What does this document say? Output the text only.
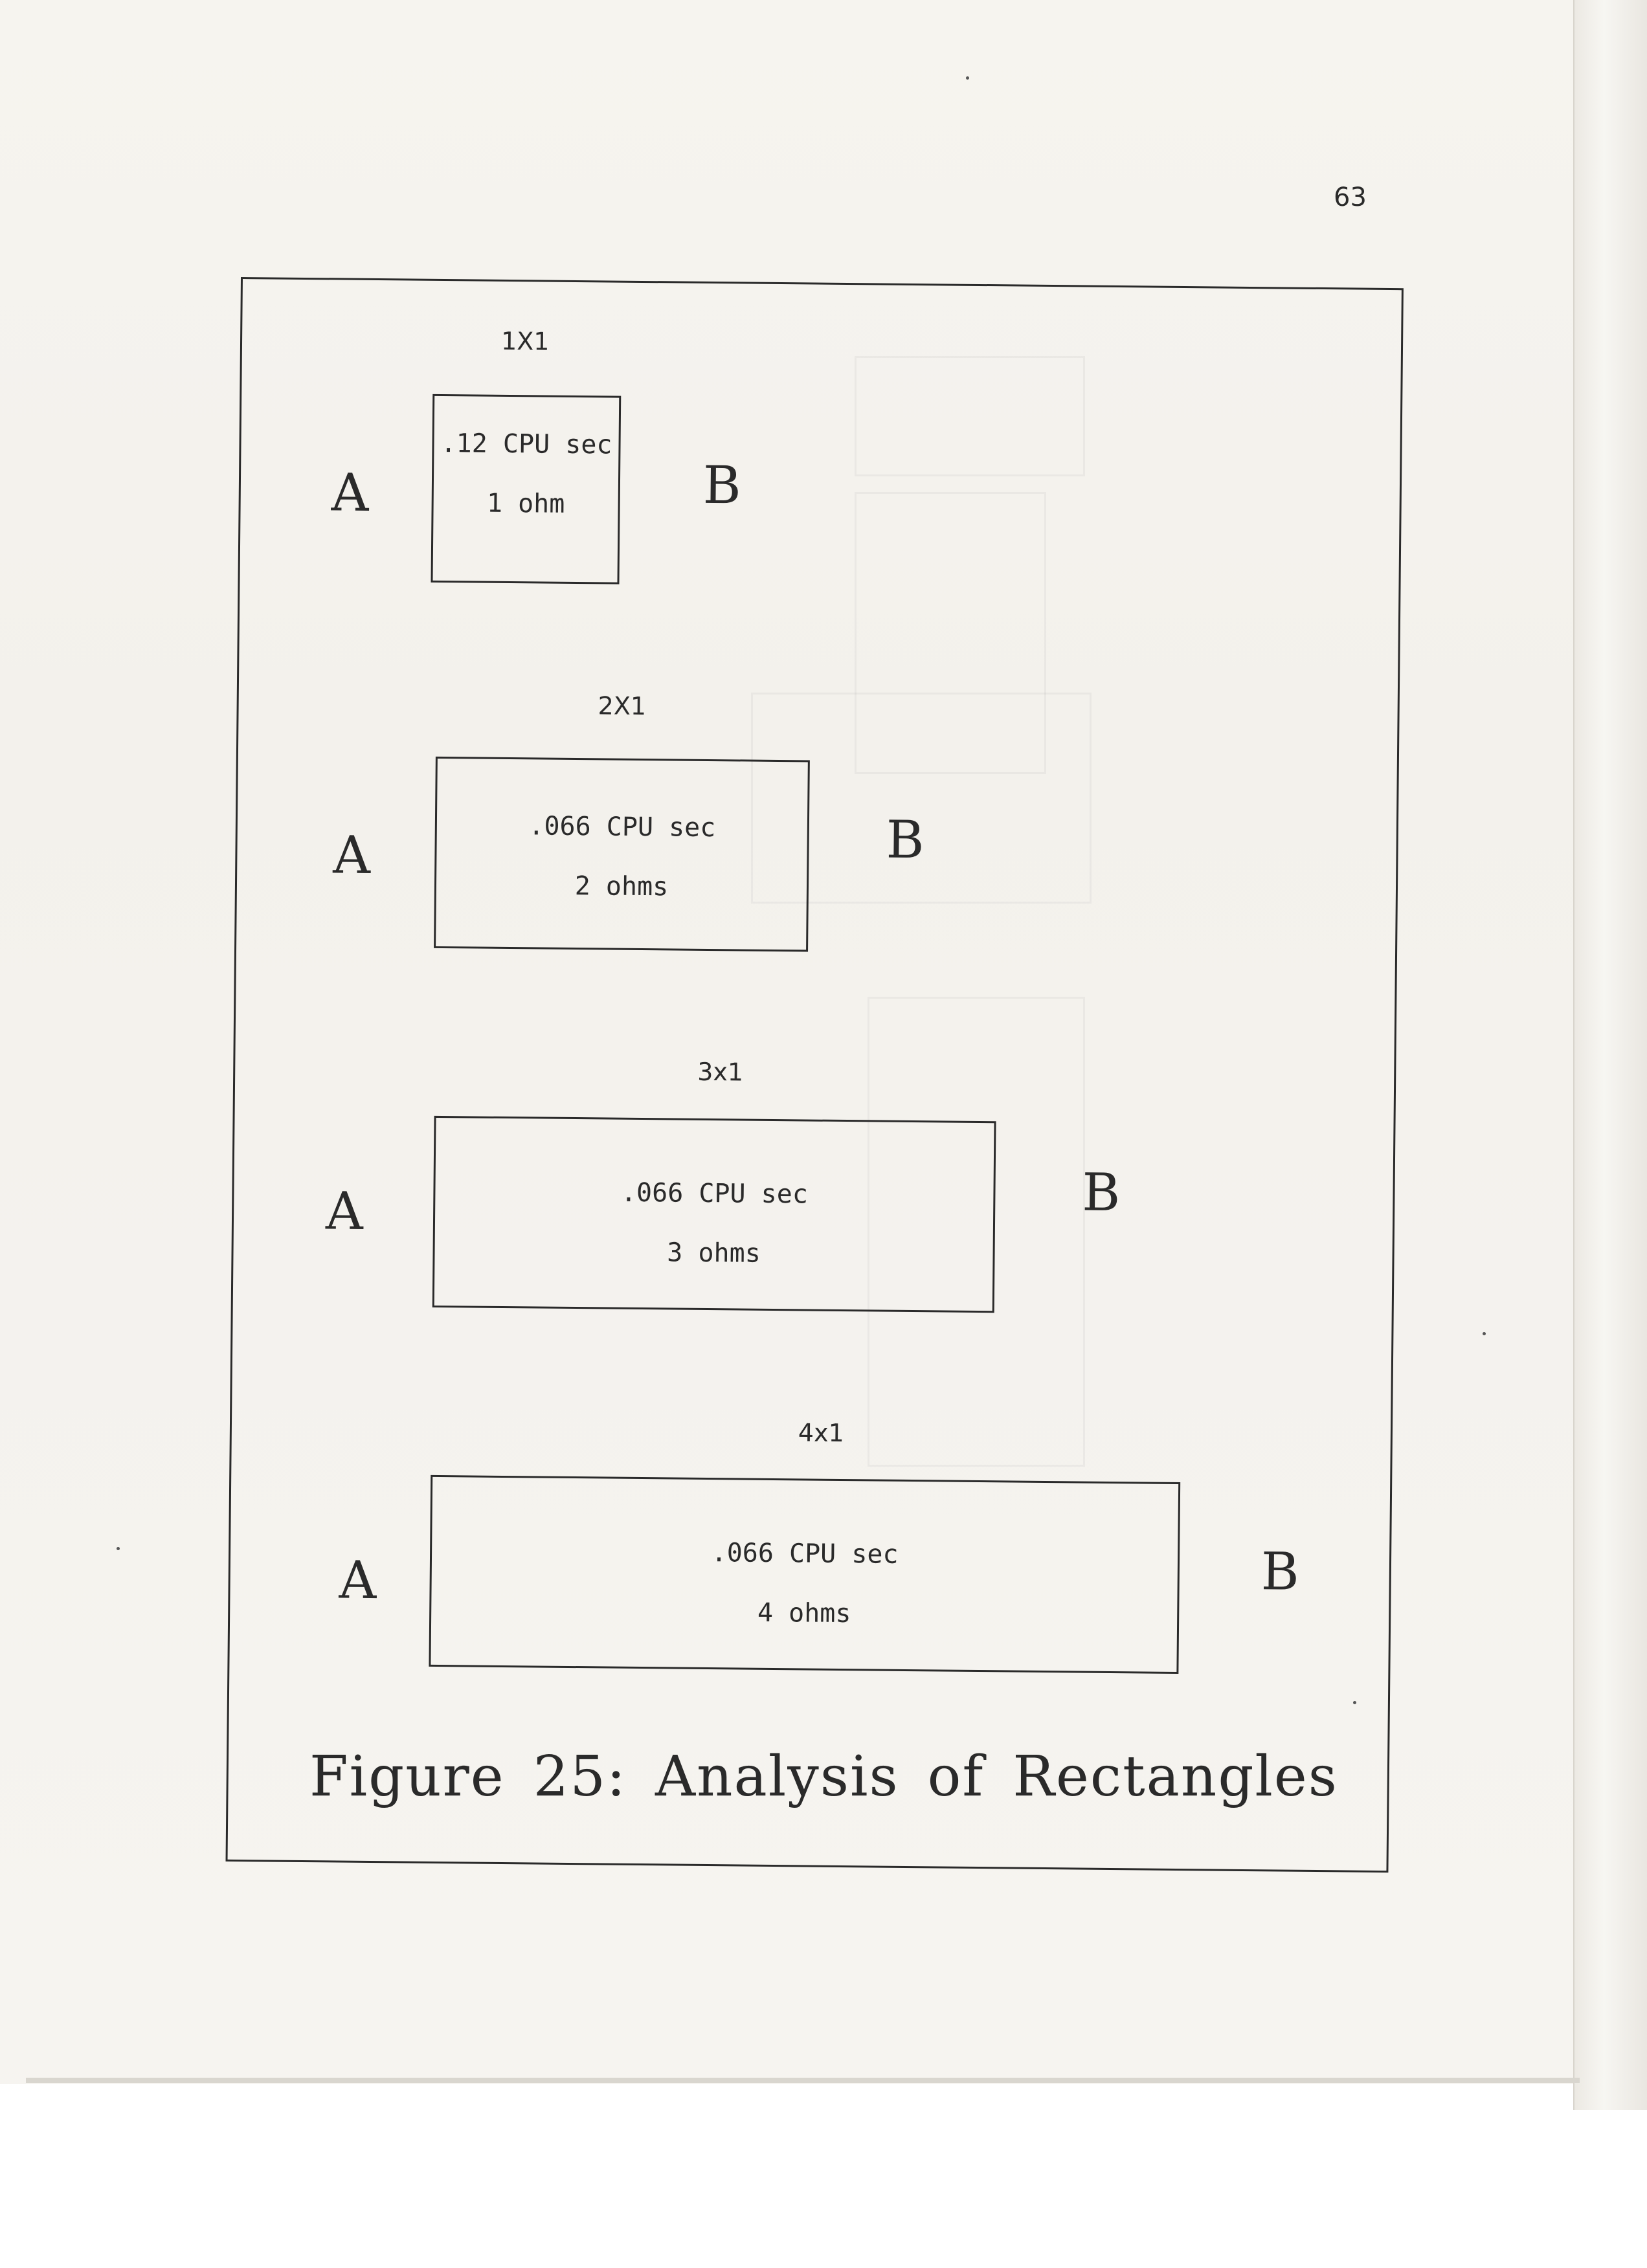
63
1X1
A
.12 CPU sec
1 ohm	B
2X1
A	.066 CPU sec
2 ohms
B
3x1
A	.066 CPU sec
3 ohms
B
4x1
A	.066 CPU sec
4 ohms
B
Figure 25: Analysis of Rectangles
